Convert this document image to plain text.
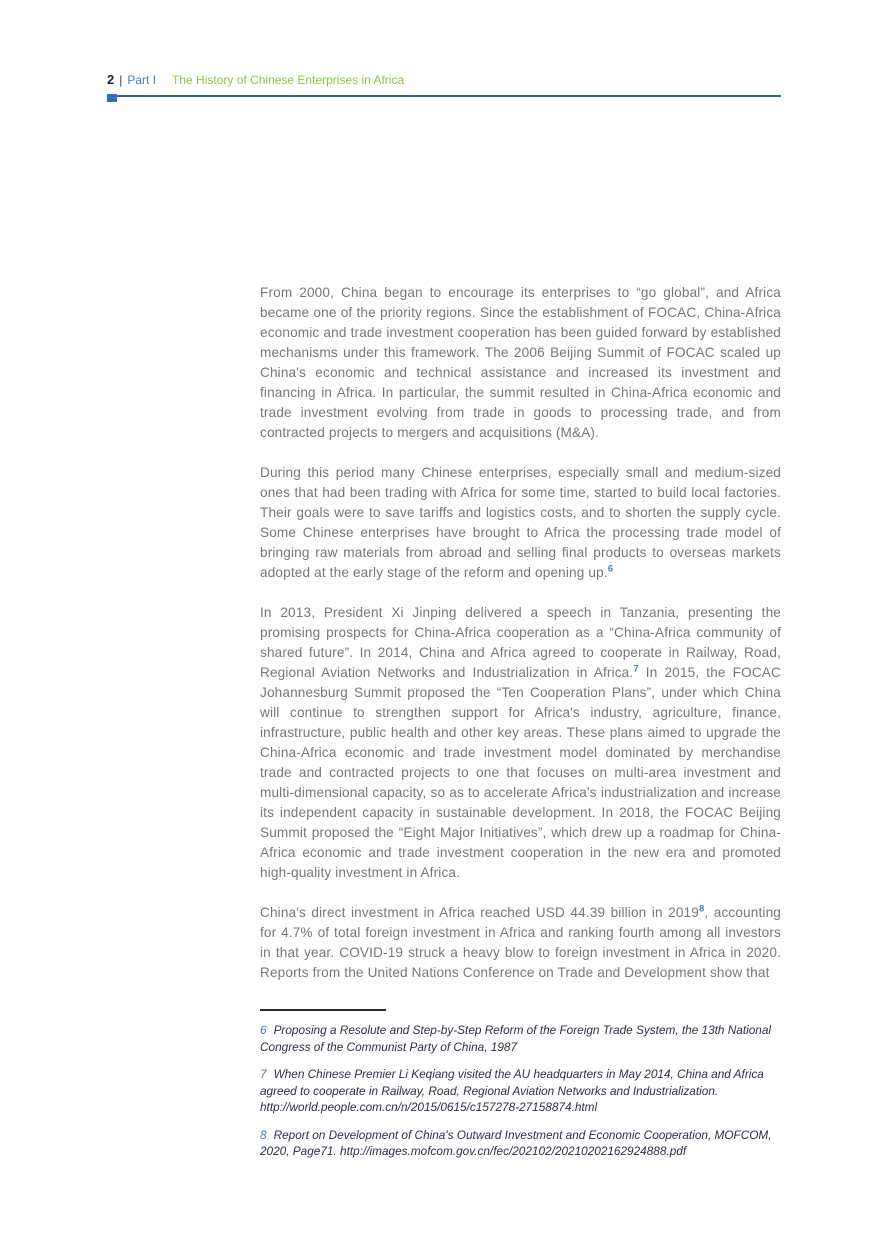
2 | Part I The History of Chinese Enterprises in Africa

From 2000, China began to encourage its enterprises to “go global”, and Africa became one of the priority regions. Since the establishment of FOCAC, China-Africa economic and trade investment cooperation has been guided forward by established mechanisms under this framework. The 2006 Beijing Summit of FOCAC scaled up China's economic and technical assistance and increased its investment and financing in Africa. In particular, the summit resulted in China-Africa economic and trade investment evolving from trade in goods to processing trade, and from contracted projects to mergers and acquisitions (M&A).

During this period many Chinese enterprises, especially small and medium-sized ones that had been trading with Africa for some time, started to build local factories. Their goals were to save tariffs and logistics costs, and to shorten the supply cycle. Some Chinese enterprises have brought to Africa the processing trade model of bringing raw materials from abroad and selling final products to overseas markets adopted at the early stage of the reform and opening up.$^6$

In 2013, President Xi Jinping delivered a speech in Tanzania, presenting the promising prospects for China-Africa cooperation as a “China-Africa community of shared future”. In 2014, China and Africa agreed to cooperate in Railway, Road, Regional Aviation Networks and Industrialization in Africa.$^7$ In 2015, the FOCAC Johannesburg Summit proposed the “Ten Cooperation Plans”, under which China will continue to strengthen support for Africa's industry, agriculture, finance, infrastructure, public health and other key areas. These plans aimed to upgrade the China-Africa economic and trade investment model dominated by merchandise trade and contracted projects to one that focuses on multi-area investment and multi-dimensional capacity, so as to accelerate Africa's industrialization and increase its independent capacity in sustainable development. In 2018, the FOCAC Beijing Summit proposed the “Eight Major Initiatives”, which drew up a roadmap for China-Africa economic and trade investment cooperation in the new era and promoted high-quality investment in Africa.

China's direct investment in Africa reached USD 44.39 billion in 2019$^8$, accounting for 4.7% of total foreign investment in Africa and ranking fourth among all investors in that year. COVID-19 struck a heavy blow to foreign investment in Africa in 2020. Reports from the United Nations Conference on Trade and Development show that

6 Proposing a Resolute and Step-by-Step Reform of the Foreign Trade System, the 13th National Congress of the Communist Party of China, 1987

7 When Chinese Premier Li Keqiang visited the AU headquarters in May 2014, China and Africa agreed to cooperate in Railway, Road, Regional Aviation Networks and Industrialization. http://world.people.com.cn/n/2015/0615/c157278-27158874.html

8 Report on Development of China's Outward Investment and Economic Cooperation, MOFCOM, 2020, Page71. http://images.mofcom.gov.cn/fec/202102/20210202162924888.pdf
